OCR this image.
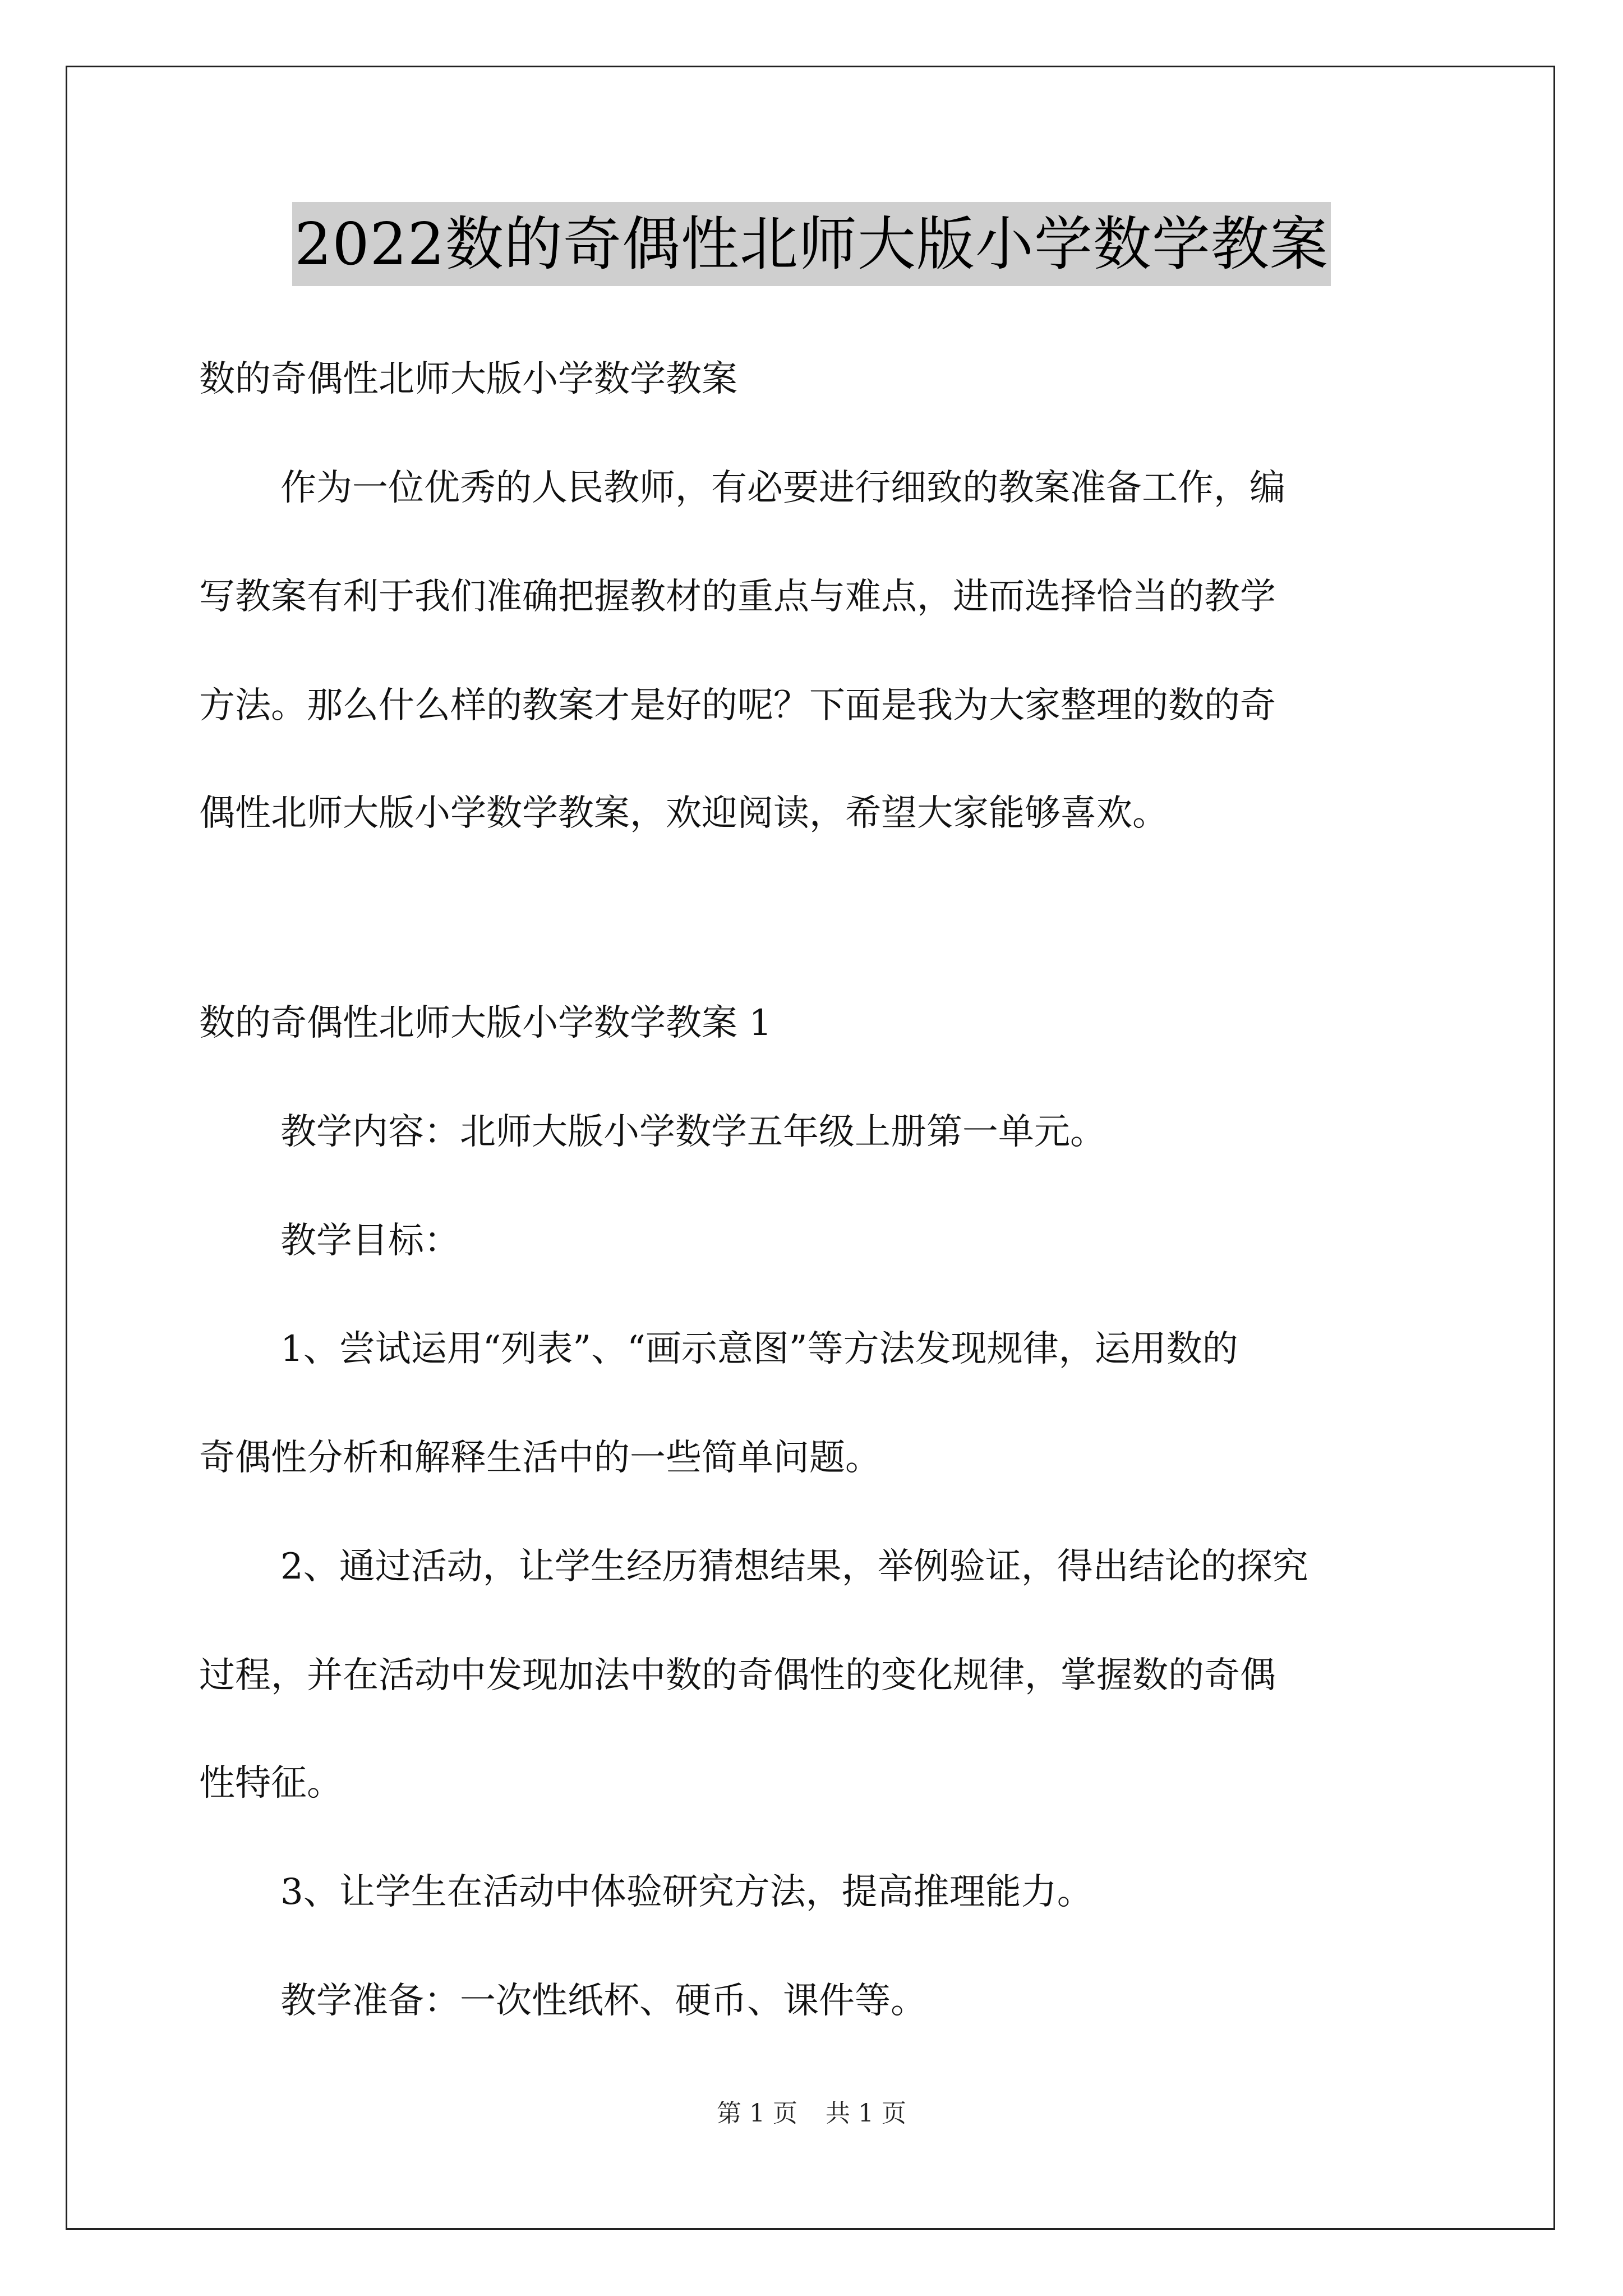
2022数的奇偶性北师大版小学数学教案
数的奇偶性北师大版小学数学教案
作为一位优秀的人民教师，有必要进行细致的教案准备工作，编
写教案有利于我们准确把握教材的重点与难点，进而选择恰当的教学
方法。那么什么样的教案才是好的呢？下面是我为大家整理的数的奇
偶性北师大版小学数学教案，欢迎阅读，希望大家能够喜欢。
数的奇偶性北师大版小学数学教案 1
教学内容：北师大版小学数学五年级上册第一单元。
教学目标：
1、尝试运用“列表”、“画示意图”等方法发现规律，运用数的
奇偶性分析和解释生活中的一些简单问题。
2、通过活动，让学生经历猜想结果，举例验证，得出结论的探究
过程，并在活动中发现加法中数的奇偶性的变化规律，掌握数的奇偶
性特征。
3、让学生在活动中体验研究方法，提高推理能力。
教学准备：一次性纸杯、硬币、课件等。
第 1 页 共 1 页
